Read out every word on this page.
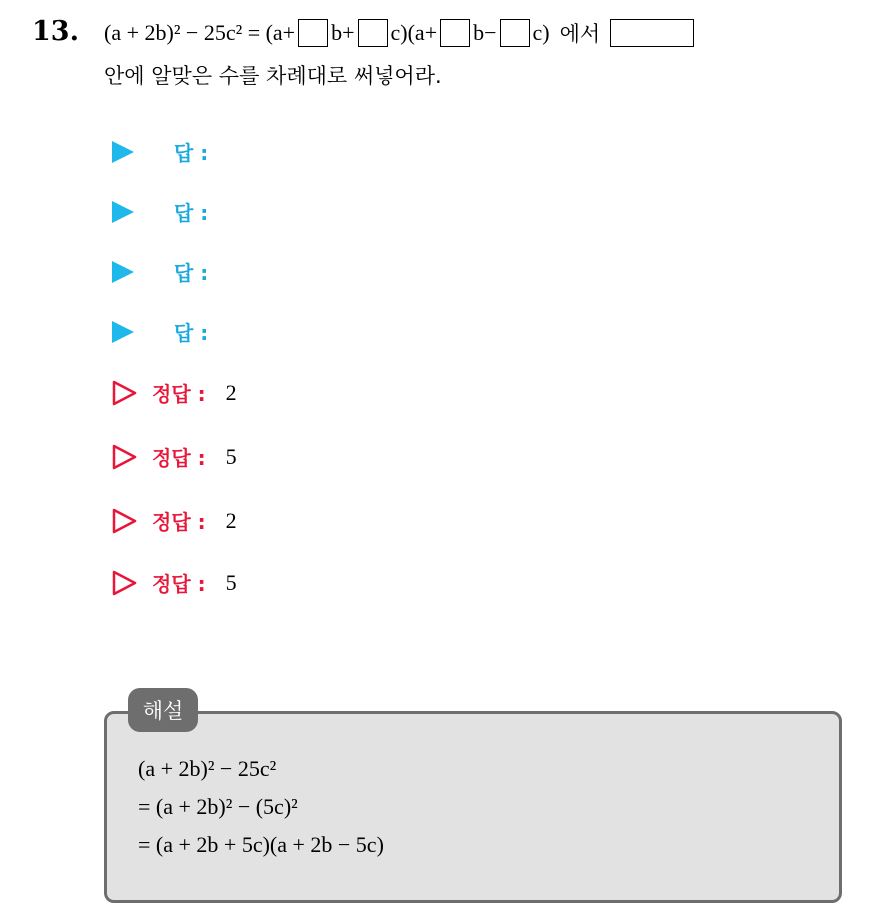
13. (a + 2b)² − 25c² = (a+ b+ c)(a+ b− c) 에서
안에 알맞은 수를 차례대로 써넣어라.
답 :
답 :
답 :
답 :
정답 : 2
정답 : 5
정답 : 2
정답 : 5
해설
(a + 2b)² − 25c²
= (a + 2b)² − (5c)²
= (a + 2b + 5c)(a + 2b − 5c)
